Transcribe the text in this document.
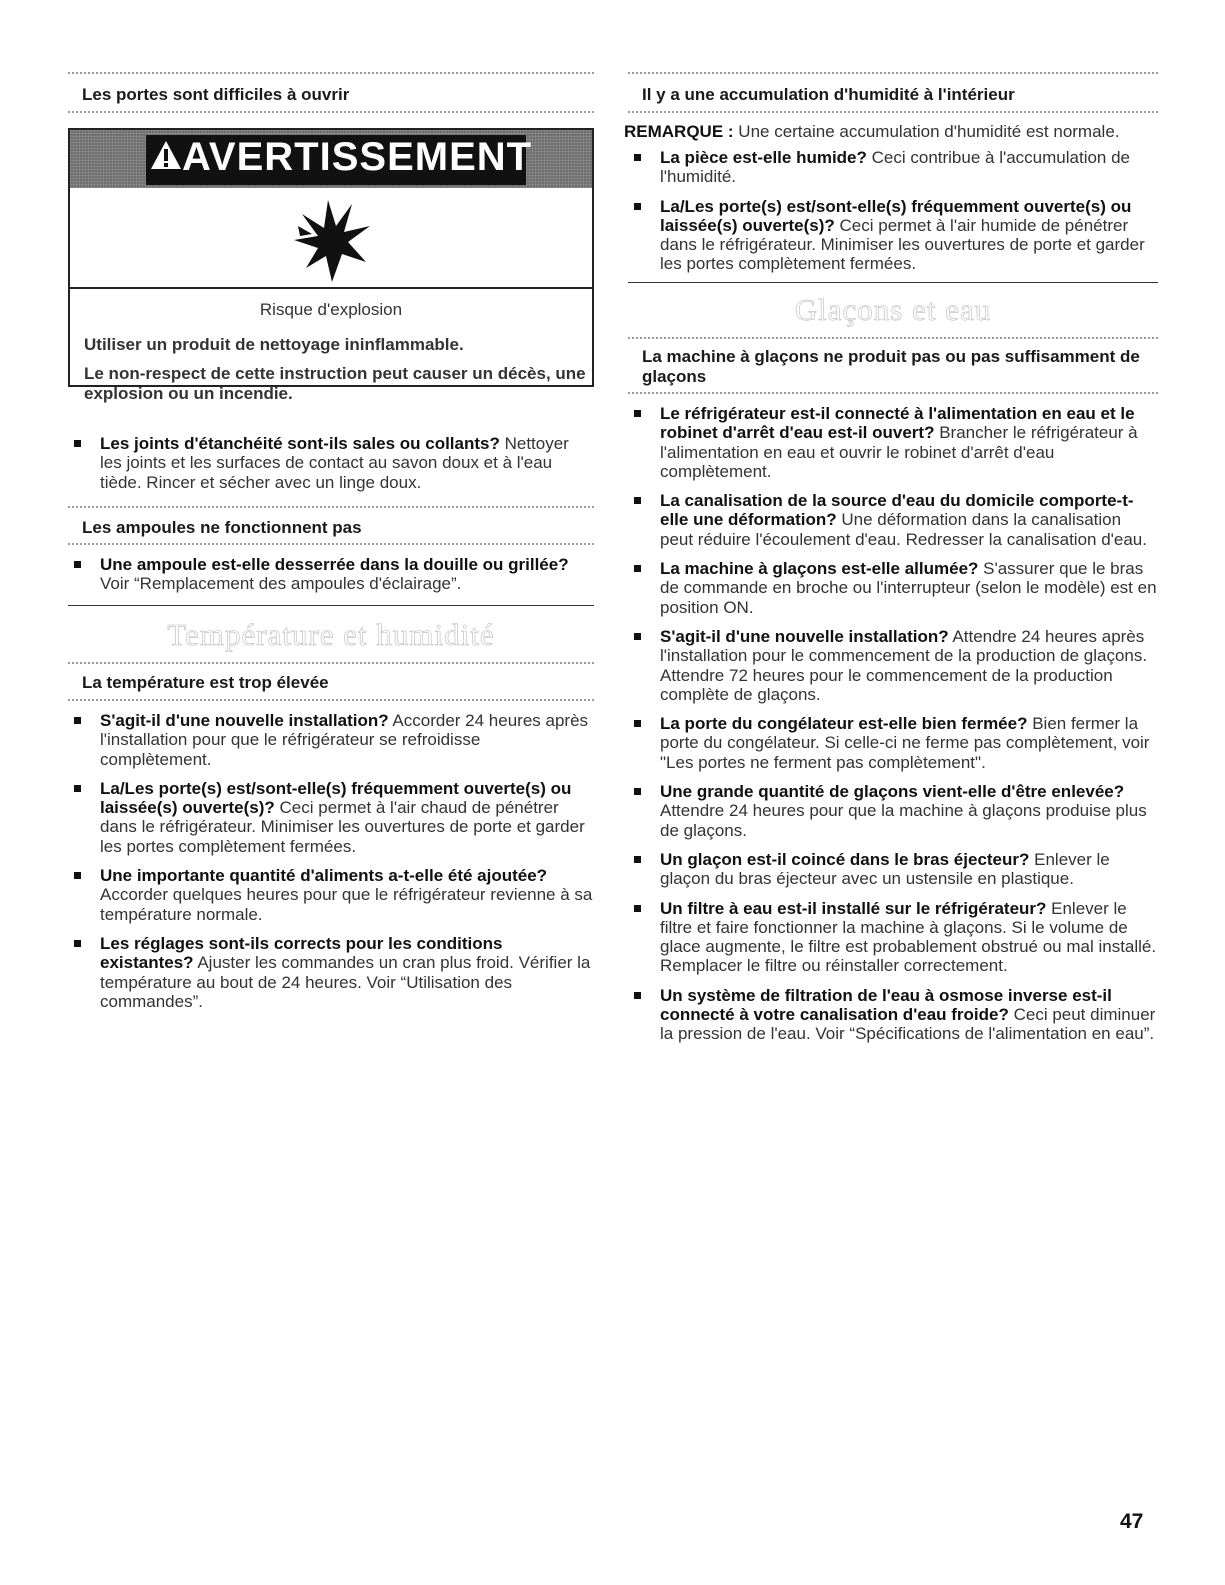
Les portes sont difficiles à ouvrir
AVERTISSEMENT
Risque d'explosion
Utiliser un produit de nettoyage ininflammable.
Le non-respect de cette instruction peut causer un décès, une explosion ou un incendie.
Les joints d'étanchéité sont-ils sales ou collants? Nettoyer les joints et les surfaces de contact au savon doux et à l'eau tiède. Rincer et sécher avec un linge doux.
Les ampoules ne fonctionnent pas
Une ampoule est-elle desserrée dans la douille ou grillée? Voir “Remplacement des ampoules d'éclairage”.
Température et humidité
La température est trop élevée
S'agit-il d'une nouvelle installation? Accorder 24 heures après l'installation pour que le réfrigérateur se refroidisse complètement.
La/Les porte(s) est/sont-elle(s) fréquemment ouverte(s) ou laissée(s) ouverte(s)? Ceci permet à l'air chaud de pénétrer dans le réfrigérateur. Minimiser les ouvertures de porte et garder les portes complètement fermées.
Une importante quantité d'aliments a-t-elle été ajoutée? Accorder quelques heures pour que le réfrigérateur revienne à sa température normale.
Les réglages sont-ils corrects pour les conditions existantes? Ajuster les commandes un cran plus froid. Vérifier la température au bout de 24 heures. Voir “Utilisation des commandes”.
Il y a une accumulation d'humidité à l'intérieur
REMARQUE : Une certaine accumulation d'humidité est normale.
La pièce est-elle humide? Ceci contribue à l'accumulation de l'humidité.
La/Les porte(s) est/sont-elle(s) fréquemment ouverte(s) ou laissée(s) ouverte(s)? Ceci permet à l'air humide de pénétrer dans le réfrigérateur. Minimiser les ouvertures de porte et garder les portes complètement fermées.
Glaçons et eau
La machine à glaçons ne produit pas ou pas suffisamment de glaçons
Le réfrigérateur est-il connecté à l'alimentation en eau et le robinet d'arrêt d'eau est-il ouvert? Brancher le réfrigérateur à l'alimentation en eau et ouvrir le robinet d'arrêt d'eau complètement.
La canalisation de la source d'eau du domicile comporte-t-elle une déformation? Une déformation dans la canalisation peut réduire l'écoulement d'eau. Redresser la canalisation d'eau.
La machine à glaçons est-elle allumée? S'assurer que le bras de commande en broche ou l'interrupteur (selon le modèle) est en position ON.
S'agit-il d'une nouvelle installation? Attendre 24 heures après l'installation pour le commencement de la production de glaçons. Attendre 72 heures pour le commencement de la production complète de glaçons.
La porte du congélateur est-elle bien fermée? Bien fermer la porte du congélateur. Si celle-ci ne ferme pas complètement, voir "Les portes ne ferment pas complètement".
Une grande quantité de glaçons vient-elle d'être enlevée? Attendre 24 heures pour que la machine à glaçons produise plus de glaçons.
Un glaçon est-il coincé dans le bras éjecteur? Enlever le glaçon du bras éjecteur avec un ustensile en plastique.
Un filtre à eau est-il installé sur le réfrigérateur? Enlever le filtre et faire fonctionner la machine à glaçons. Si le volume de glace augmente, le filtre est probablement obstrué ou mal installé. Remplacer le filtre ou réinstaller correctement.
Un système de filtration de l'eau à osmose inverse est-il connecté à votre canalisation d'eau froide? Ceci peut diminuer la pression de l'eau. Voir “Spécifications de l'alimentation en eau”.
47
